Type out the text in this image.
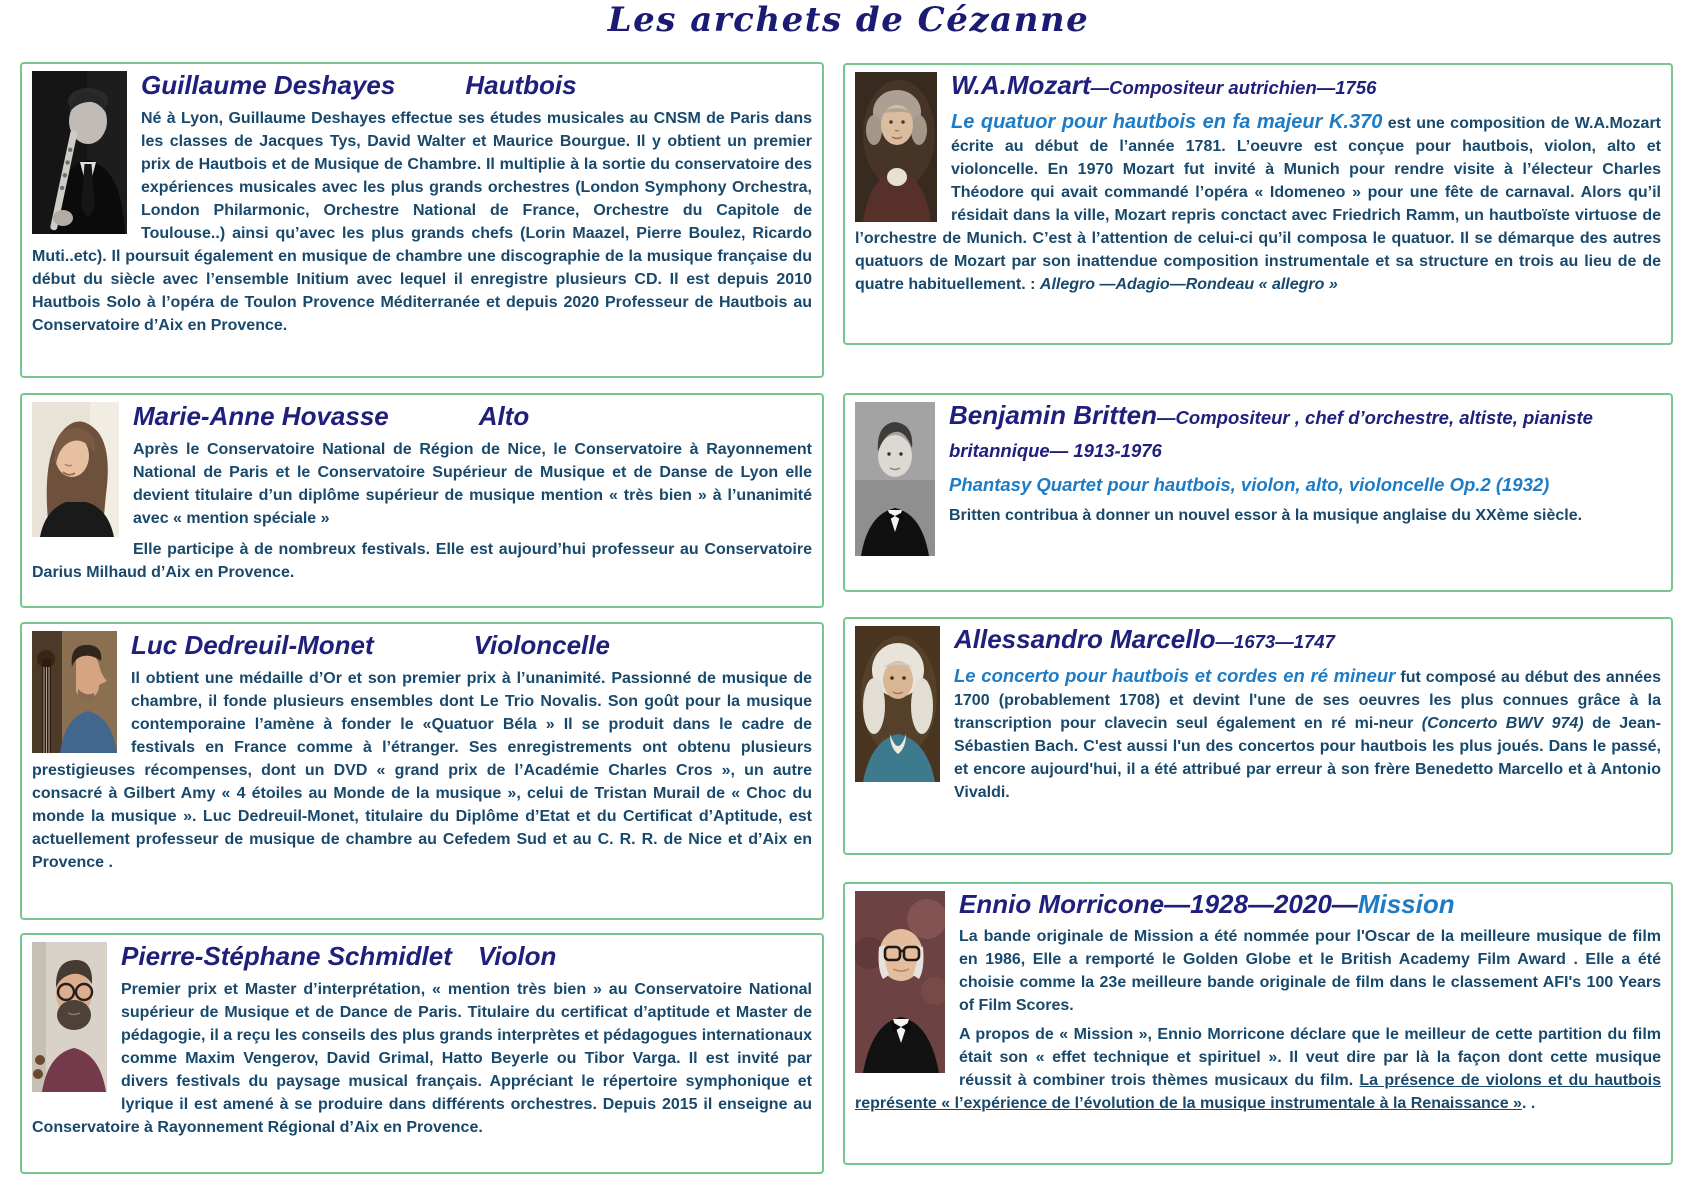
Les archets de Cézanne
Guillaume Deshayes	Hautbois

Né à Lyon, Guillaume Deshayes effectue ses études musicales au CNSM de Paris dans les classes de Jacques Tys, David Walter et Maurice Bourgue. Il y obtient un premier prix de Hautbois et de Musique de Chambre. Il multiplie à la sortie du conservatoire des expériences musicales avec les plus grands orchestres (London Symphony Orchestra, London Philarmonic, Orchestre National de France, Orchestre du Capitole de Toulouse..) ainsi qu’avec les plus grands chefs (Lorin Maazel, Pierre Boulez, Ricardo Muti..etc). Il poursuit également en musique de chambre une discographie de la musique française du début du siècle avec l’ensemble Initium avec lequel il enregistre plusieurs CD. Il est depuis 2010 Hautbois Solo à l’opéra de Toulon Provence Méditerranée et depuis 2020 Professeur de Hautbois au Conservatoire d’Aix en Provence.

Marie-Anne Hovasse	Alto

Après le Conservatoire National de Région de Nice, le Conservatoire à Rayonnement National de Paris et le Conservatoire Supérieur de Musique et de Danse de Lyon elle devient titulaire d’un diplôme supérieur de musique mention « très bien » à l’unanimité avec « mention spéciale »

Elle participe à de nombreux festivals. Elle est aujourd’hui professeur au Conservatoire Darius Milhaud d’Aix en Provence.

Luc Dedreuil-Monet	Violoncelle

Il obtient une médaille d’Or et son premier prix à l’unanimité. Passionné de musique de chambre, il fonde plusieurs ensembles dont Le Trio Novalis. Son goût pour la musique contemporaine l’amène à fonder le «Quatuor Béla » Il se produit dans le cadre de festivals en France comme à l’étranger. Ses enregistrements ont obtenu plusieurs prestigieuses récompenses, dont un DVD « grand prix de l’Académie Charles Cros », un autre consacré à Gilbert Amy « 4 étoiles au Monde de la musique », celui de Tristan Murail de « Choc du monde la musique ». Luc Dedreuil-Monet, titulaire du Diplôme d’Etat et du Certificat d’Aptitude, est actuellement professeur de musique de chambre au Cefedem Sud et au C. R. R. de Nice et d’Aix en Provence .

Pierre-Stéphane Schmidlet Violon

Premier prix et Master d’interprétation, « mention très bien » au Conservatoire National supérieur de Musique et de Dance de Paris. Titulaire du certificat d’aptitude et Master de pédagogie, il a reçu les conseils des plus grands interprètes et pédagogues internationaux comme Maxim Vengerov, David Grimal, Hatto Beyerle ou Tibor Varga. Il est invité par divers festivals du paysage musical français. Appréciant le répertoire symphonique et lyrique il est amené à se produire dans différents orchestres. Depuis 2015 il enseigne au Conservatoire à Rayonnement Régional d’Aix en Provence.

W.A.Mozart—Compositeur autrichien—1756

Le quatuor pour hautbois en fa majeur K.370 est une composition de W.A.Mozart écrite au début de l’année 1781. L’oeuvre est conçue pour hautbois, violon, alto et violoncelle. En 1970 Mozart fut invité à Munich pour rendre visite à l’électeur Charles Théodore qui avait commandé l’opéra « Idomeneo » pour une fête de carnaval. Alors qu’il résidait dans la ville, Mozart repris conctact avec Friedrich Ramm, un hautboïste virtuose de l’orchestre de Munich. C’est à l’attention de celui-ci qu’il composa le quatuor. Il se démarque des autres quatuors de Mozart par son inattendue composition instrumentale et sa structure en trois au lieu de de quatre habituellement. : Allegro —Adagio—Rondeau « allegro »

Benjamin Britten—Compositeur , chef d’orchestre, altiste, pianiste britannique— 1913-1976

Phantasy Quartet pour hautbois, violon, alto, violoncelle Op.2 (1932)

Britten contribua à donner un nouvel essor à la musique anglaise du XXème siècle.

Allessandro Marcello—1673—1747

Le concerto pour hautbois et cordes en ré mineur fut composé au début des années 1700 (probablement 1708) et devint l'une de ses oeuvres les plus connues grâce à la transcription pour clavecin seul également en ré mi-neur (Concerto BWV 974) de Jean-Sébastien Bach. C'est aussi l'un des concertos pour hautbois les plus joués. Dans le passé, et encore aujourd'hui, il a été attribué par erreur à son frère Benedetto Marcello et à Antonio Vivaldi.

Ennio Morricone—1928—2020—Mission

La bande originale de Mission a été nommée pour l'Oscar de la meilleure musique de film en 1986, Elle a remporté le Golden Globe et le British Academy Film Award . Elle a été choisie comme la 23e meilleure bande originale de film dans le classement AFI's 100 Years of Film Scores.

A propos de « Mission », Ennio Morricone déclare que le meilleur de cette partition du film était son « effet technique et spirituel ». Il veut dire par là la façon dont cette musique réussit à combiner trois thèmes musicaux du film. La présence de violons et du hautbois représente « l’expérience de l’évolution de la musique instrumentale à la Renaissance ». .
